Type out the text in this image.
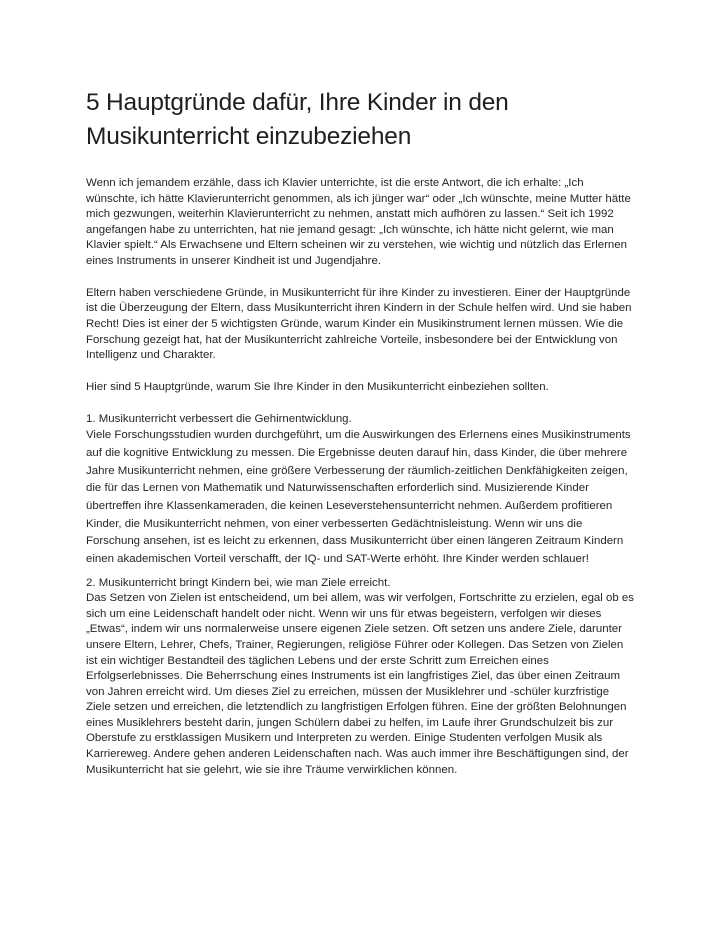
5 Hauptgründe dafür, Ihre Kinder in den
Musikunterricht einzubeziehen

Wenn ich jemandem erzähle, dass ich Klavier unterrichte, ist die erste Antwort, die ich erhalte: „Ich wünschte, ich hätte Klavierunterricht genommen, als ich jünger war“ oder „Ich wünschte, meine Mutter hätte mich gezwungen, weiterhin Klavierunterricht zu nehmen, anstatt mich aufhören zu lassen.“ Seit ich 1992 angefangen habe zu unterrichten, hat nie jemand gesagt: „Ich wünschte, ich hätte nicht gelernt, wie man Klavier spielt.“ Als Erwachsene und Eltern scheinen wir zu verstehen, wie wichtig und nützlich das Erlernen eines Instruments in unserer Kindheit ist und Jugendjahre.

Eltern haben verschiedene Gründe, in Musikunterricht für ihre Kinder zu investieren. Einer der Hauptgründe ist die Überzeugung der Eltern, dass Musikunterricht ihren Kindern in der Schule helfen wird. Und sie haben Recht! Dies ist einer der 5 wichtigsten Gründe, warum Kinder ein Musikinstrument lernen müssen. Wie die Forschung gezeigt hat, hat der Musikunterricht zahlreiche Vorteile, insbesondere bei der Entwicklung von Intelligenz und Charakter.

Hier sind 5 Hauptgründe, warum Sie Ihre Kinder in den Musikunterricht einbeziehen sollten.

1. Musikunterricht verbessert die Gehirnentwicklung.

Viele Forschungsstudien wurden durchgeführt, um die Auswirkungen des Erlernens eines Musikinstruments auf die kognitive Entwicklung zu messen. Die Ergebnisse deuten darauf hin, dass Kinder, die über mehrere Jahre Musikunterricht nehmen, eine größere Verbesserung der räumlich-zeitlichen Denkfähigkeiten zeigen, die für das Lernen von Mathematik und Naturwissenschaften erforderlich sind. Musizierende Kinder übertreffen ihre Klassenkameraden, die keinen Leseverstehensunterricht nehmen. Außerdem profitieren Kinder, die Musikunterricht nehmen, von einer verbesserten Gedächtnisleistung. Wenn wir uns die Forschung ansehen, ist es leicht zu erkennen, dass Musikunterricht über einen längeren Zeitraum Kindern einen akademischen Vorteil verschafft, der IQ- und SAT-Werte erhöht. Ihre Kinder werden schlauer!

2. Musikunterricht bringt Kindern bei, wie man Ziele erreicht.

Das Setzen von Zielen ist entscheidend, um bei allem, was wir verfolgen, Fortschritte zu erzielen, egal ob es sich um eine Leidenschaft handelt oder nicht. Wenn wir uns für etwas begeistern, verfolgen wir dieses „Etwas“, indem wir uns normalerweise unsere eigenen Ziele setzen. Oft setzen uns andere Ziele, darunter unsere Eltern, Lehrer, Chefs, Trainer, Regierungen, religiöse Führer oder Kollegen. Das Setzen von Zielen ist ein wichtiger Bestandteil des täglichen Lebens und der erste Schritt zum Erreichen eines Erfolgserlebnisses. Die Beherrschung eines Instruments ist ein langfristiges Ziel, das über einen Zeitraum von Jahren erreicht wird. Um dieses Ziel zu erreichen, müssen der Musiklehrer und -schüler kurzfristige Ziele setzen und erreichen, die letztendlich zu langfristigen Erfolgen führen. Eine der größten Belohnungen eines Musiklehrers besteht darin, jungen Schülern dabei zu helfen, im Laufe ihrer Grundschulzeit bis zur Oberstufe zu erstklassigen Musikern und Interpreten zu werden. Einige Studenten verfolgen Musik als Karriereweg. Andere gehen anderen Leidenschaften nach. Was auch immer ihre Beschäftigungen sind, der Musikunterricht hat sie gelehrt, wie sie ihre Träume verwirklichen können.
